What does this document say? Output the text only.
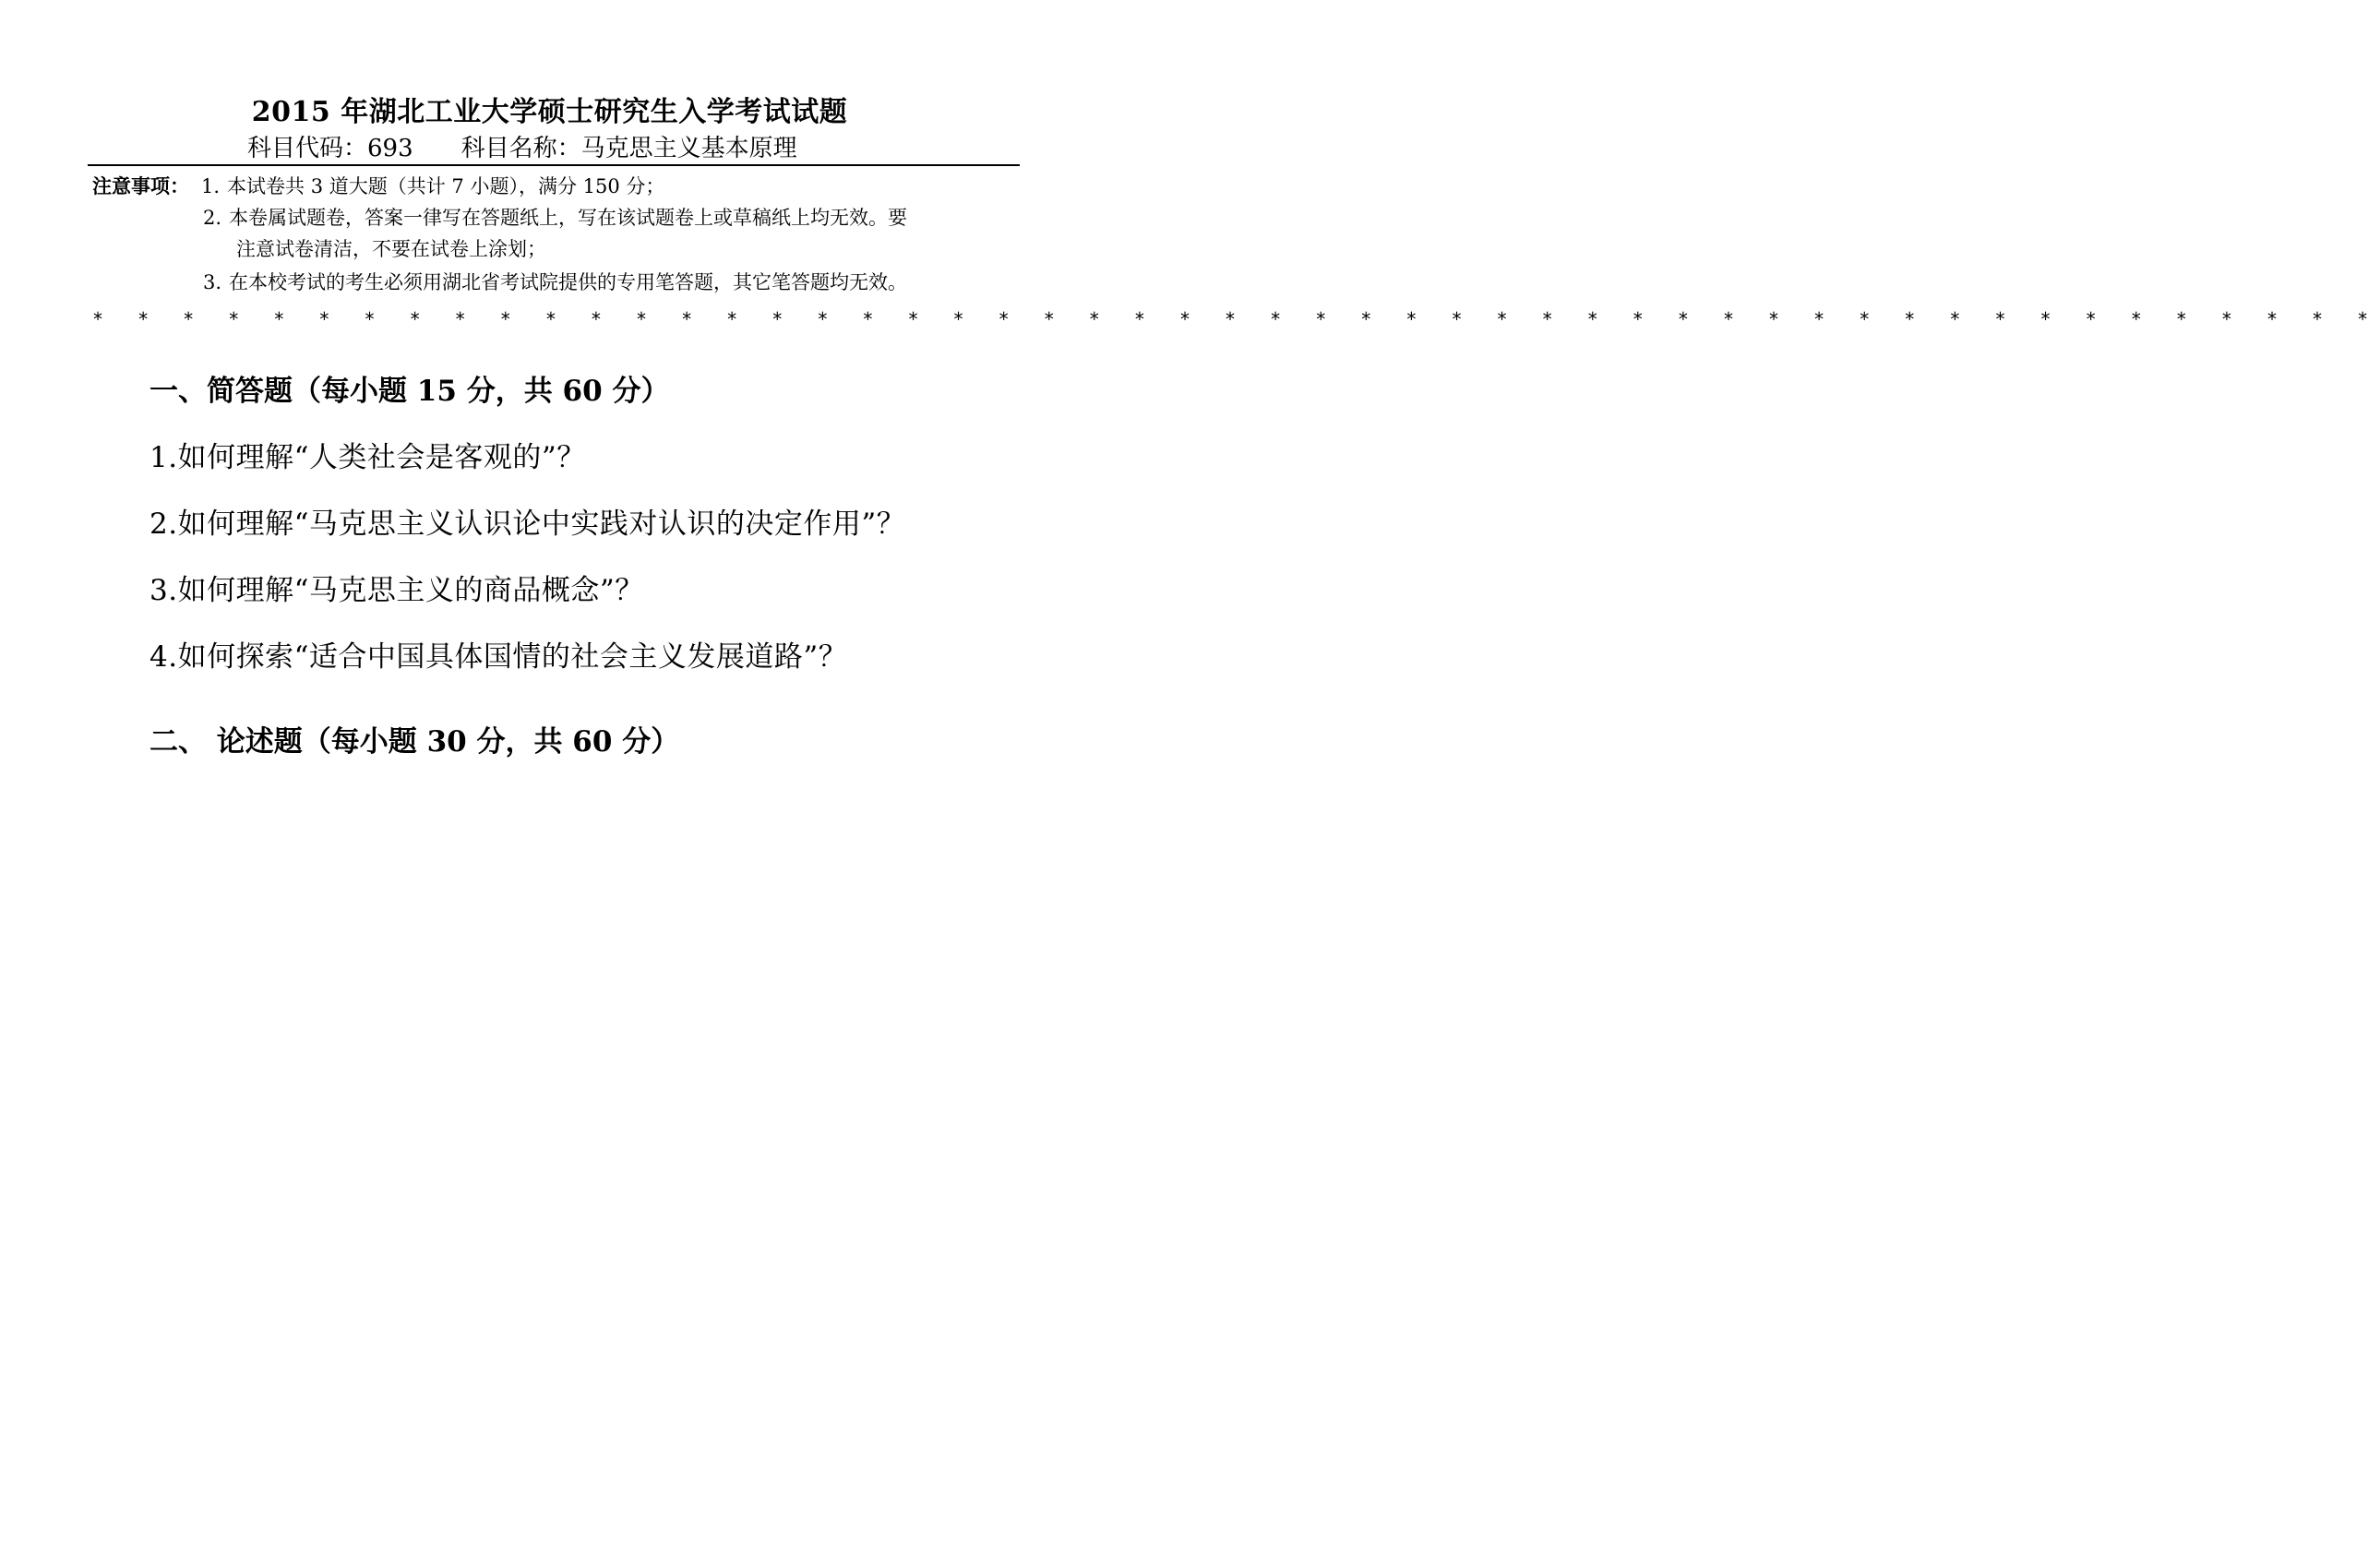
2015 年湖北工业大学硕士研究生入学考试试题
科目代码：693 科目名称：马克思主义基本原理
注意事项： 1. 本试卷共 3 道大题（共计 7 小题），满分 150 分；
2. 本卷属试题卷，答案一律写在答题纸上，写在该试题卷上或草稿纸上均无效。要
注意试卷清洁，不要在试卷上涂划；
3. 在本校考试的考生必须用湖北省考试院提供的专用笔答题，其它笔答题均无效。
* * * * * * * * * * * * * * * * * * * * * * * * * * * * * * * * * * * * * * * * * * * * * * * * * * *
一、简答题（每小题 15 分，共 60 分）
1.如何理解“人类社会是客观的”？
2.如何理解“马克思主义认识论中实践对认识的决定作用”？
3.如何理解“马克思主义的商品概念”？
4.如何探索“适合中国具体国情的社会主义发展道路”？
二、 论述题（每小题 30 分，共 60 分）
